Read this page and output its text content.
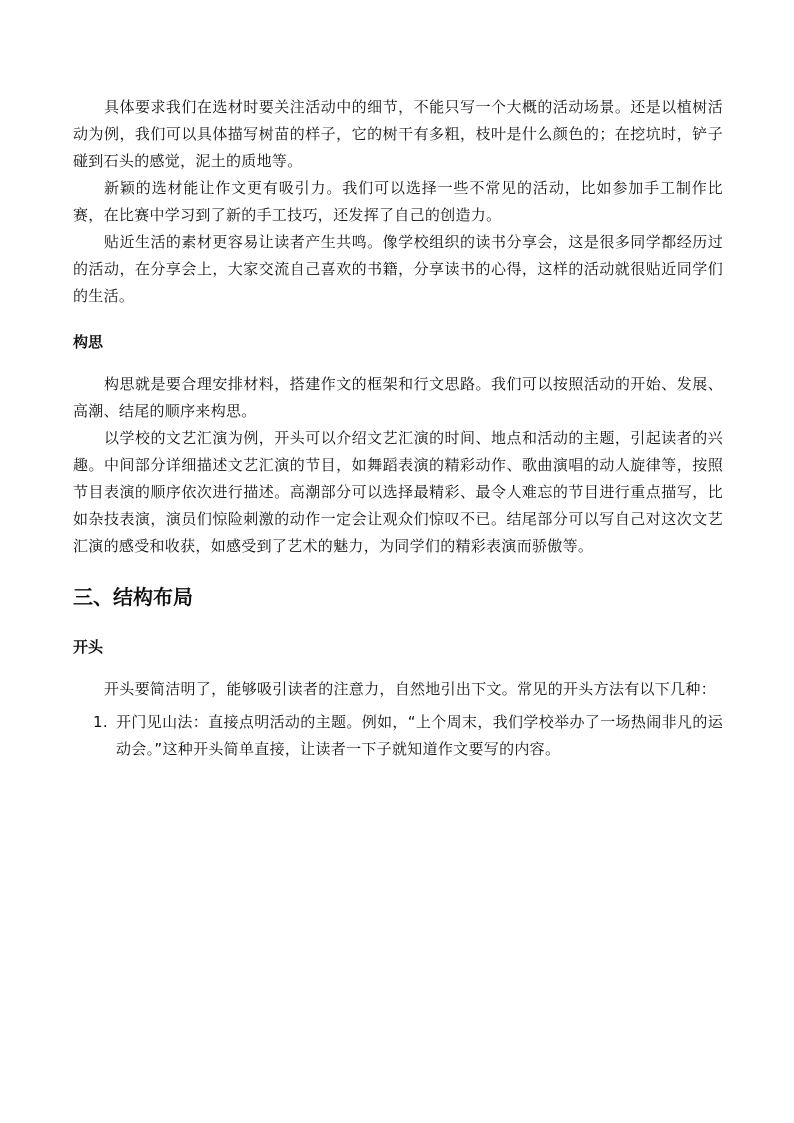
具体要求我们在选材时要关注活动中的细节，不能只写一个大概的活动场景。还是以植树活动为例，我们可以具体描写树苗的样子，它的树干有多粗，枝叶是什么颜色的；在挖坑时，铲子碰到石头的感觉，泥土的质地等。

新颖的选材能让作文更有吸引力。我们可以选择一些不常见的活动，比如参加手工制作比赛，在比赛中学习到了新的手工技巧，还发挥了自己的创造力。

贴近生活的素材更容易让读者产生共鸣。像学校组织的读书分享会，这是很多同学都经历过的活动，在分享会上，大家交流自己喜欢的书籍，分享读书的心得，这样的活动就很贴近同学们的生活。

构思

构思就是要合理安排材料，搭建作文的框架和行文思路。我们可以按照活动的开始、发展、高潮、结尾的顺序来构思。

以学校的文艺汇演为例，开头可以介绍文艺汇演的时间、地点和活动的主题，引起读者的兴趣。中间部分详细描述文艺汇演的节目，如舞蹈表演的精彩动作、歌曲演唱的动人旋律等，按照节目表演的顺序依次进行描述。高潮部分可以选择最精彩、最令人难忘的节目进行重点描写，比如杂技表演，演员们惊险刺激的动作一定会让观众们惊叹不已。结尾部分可以写自己对这次文艺汇演的感受和收获，如感受到了艺术的魅力，为同学们的精彩表演而骄傲等。

三、结构布局
开头

开头要简洁明了，能够吸引读者的注意力，自然地引出下文。常见的开头方法有以下几种：

1. 开门见山法：直接点明活动的主题。例如，“上个周末，我们学校举办了一场热闹非凡的运动会。”这种开头简单直接，让读者一下子就知道作文要写的内容。
